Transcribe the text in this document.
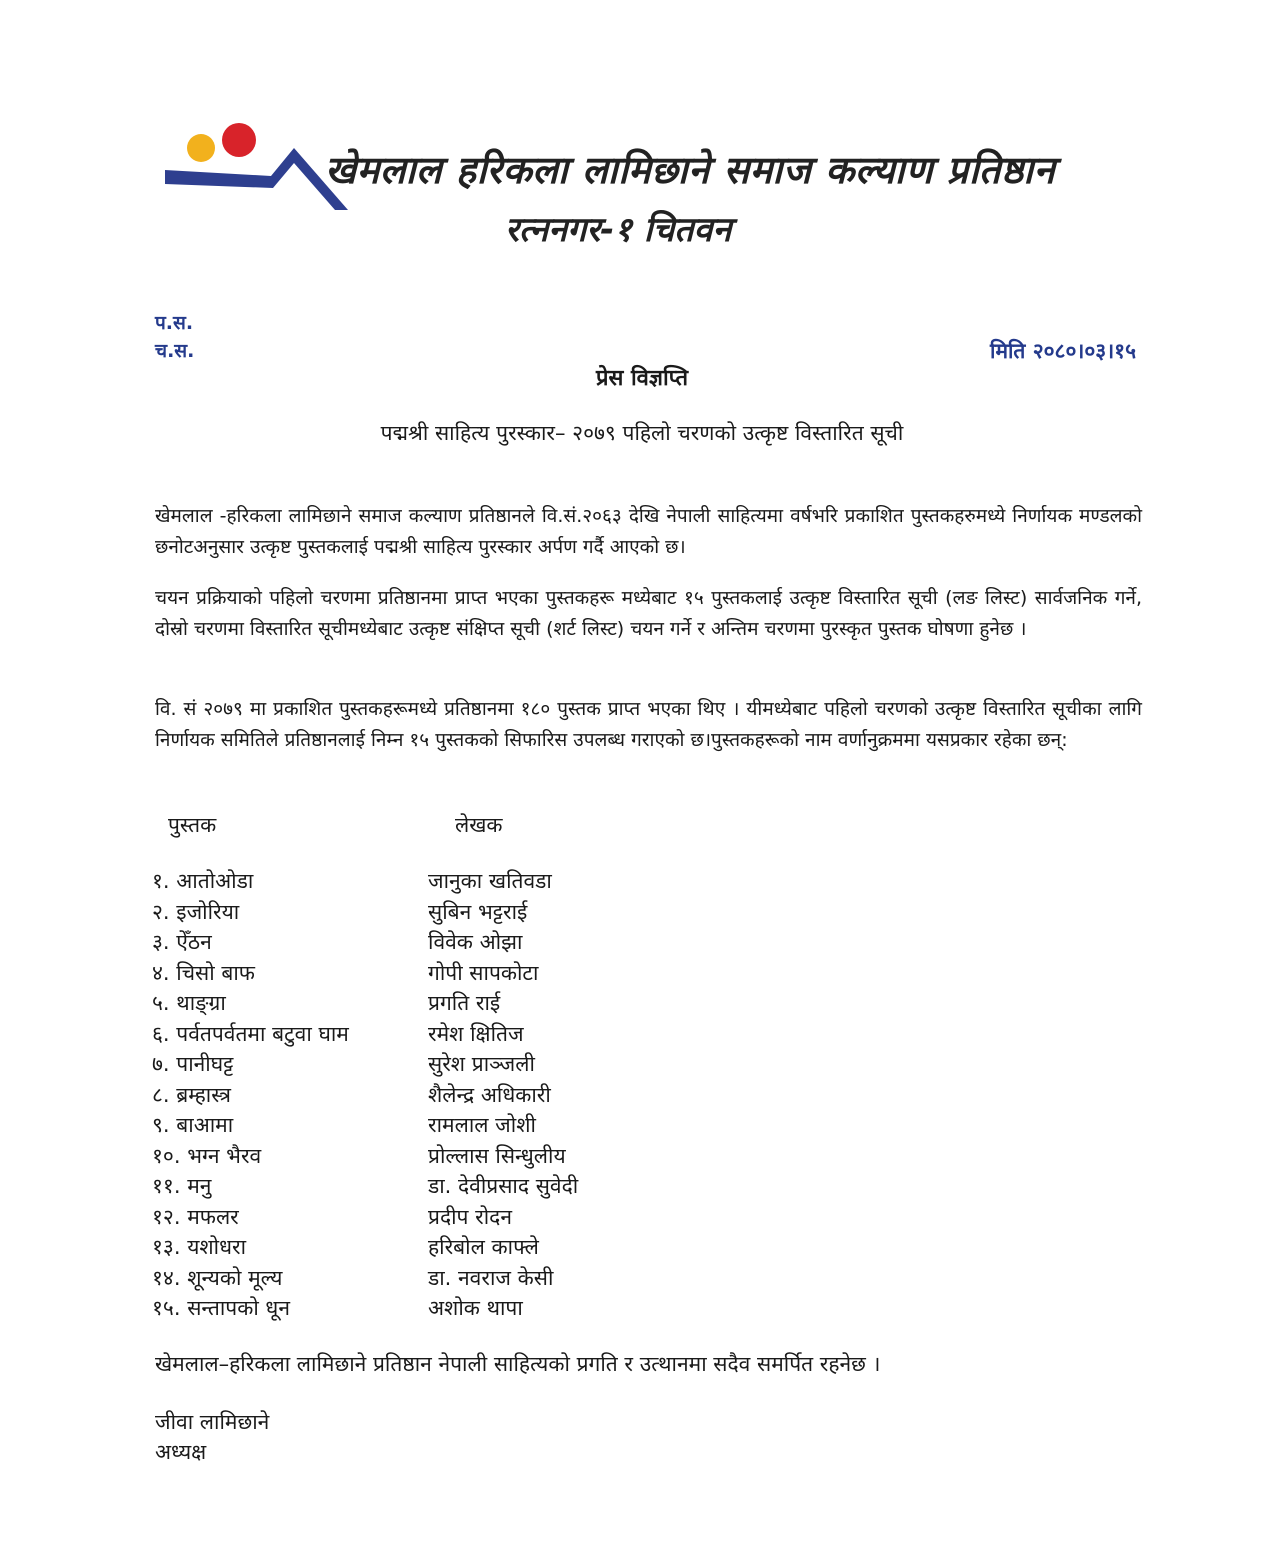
खेमलाल हरिकला लामिछाने समाज कल्याण प्रतिष्ठान
रत्ननगर-१ चितवन
प.स.
च.स.	मिति २०८०।०३।१५
प्रेस विज्ञप्ति
पद्मश्री साहित्य पुरस्कार– २०७९ पहिलो चरणको उत्कृष्ट विस्तारित सूची
खेमलाल -हरिकला लामिछाने समाज कल्याण प्रतिष्ठानले वि.सं.२०६३ देखि नेपाली साहित्यमा वर्षभरि प्रकाशित पुस्तकहरुमध्ये निर्णायक मण्डलको छनोटअनुसार उत्कृष्ट पुस्तकलाई पद्मश्री साहित्य पुरस्कार अर्पण गर्दै आएको छ।
चयन प्रक्रियाको पहिलो चरणमा प्रतिष्ठानमा प्राप्त भएका पुस्तकहरू मध्येबाट १५ पुस्तकलाई उत्कृष्ट विस्तारित सूची (लङ लिस्ट) सार्वजनिक गर्ने, दोस्रो चरणमा विस्तारित सूचीमध्येबाट उत्कृष्ट संक्षिप्त सूची (शर्ट लिस्ट) चयन गर्ने र अन्तिम चरणमा पुरस्कृत पुस्तक घोषणा हुनेछ ।
वि. सं २०७९ मा प्रकाशित पुस्तकहरूमध्ये प्रतिष्ठानमा १८० पुस्तक प्राप्त भएका थिए । यीमध्येबाट पहिलो चरणको उत्कृष्ट विस्तारित सूचीका लागि निर्णायक समितिले प्रतिष्ठानलाई निम्न १५ पुस्तकको सिफारिस उपलब्ध गराएको छ।पुस्तकहरूको नाम वर्णानुक्रममा यसप्रकार रहेका छन्:
पुस्तक	लेखक
१. आतोओडा	जानुका खतिवडा
२. इजोरिया	सुबिन भट्टराई
३. ऐँठन	विवेक ओझा
४. चिसो बाफ	गोपी सापकोटा
५. थाङ्ग्रा	प्रगति राई
६. पर्वतपर्वतमा बटुवा घाम	रमेश क्षितिज
७. पानीघट्ट	सुरेश प्राञ्जली
८. ब्रम्हास्त्र	शैलेन्द्र अधिकारी
९. बाआमा	रामलाल जोशी
१०. भग्न भैरव	प्रोल्लास सिन्धुलीय
११. मनु	डा. देवीप्रसाद सुवेदी
१२. मफलर	प्रदीप रोदन
१३. यशोधरा	हरिबोल काफ्ले
१४. शून्यको मूल्य	डा. नवराज केसी
१५. सन्तापको धून	अशोक थापा
खेमलाल–हरिकला लामिछाने प्रतिष्ठान नेपाली साहित्यको प्रगति र उत्थानमा सदैव समर्पित रहनेछ ।
जीवा लामिछाने
अध्यक्ष
